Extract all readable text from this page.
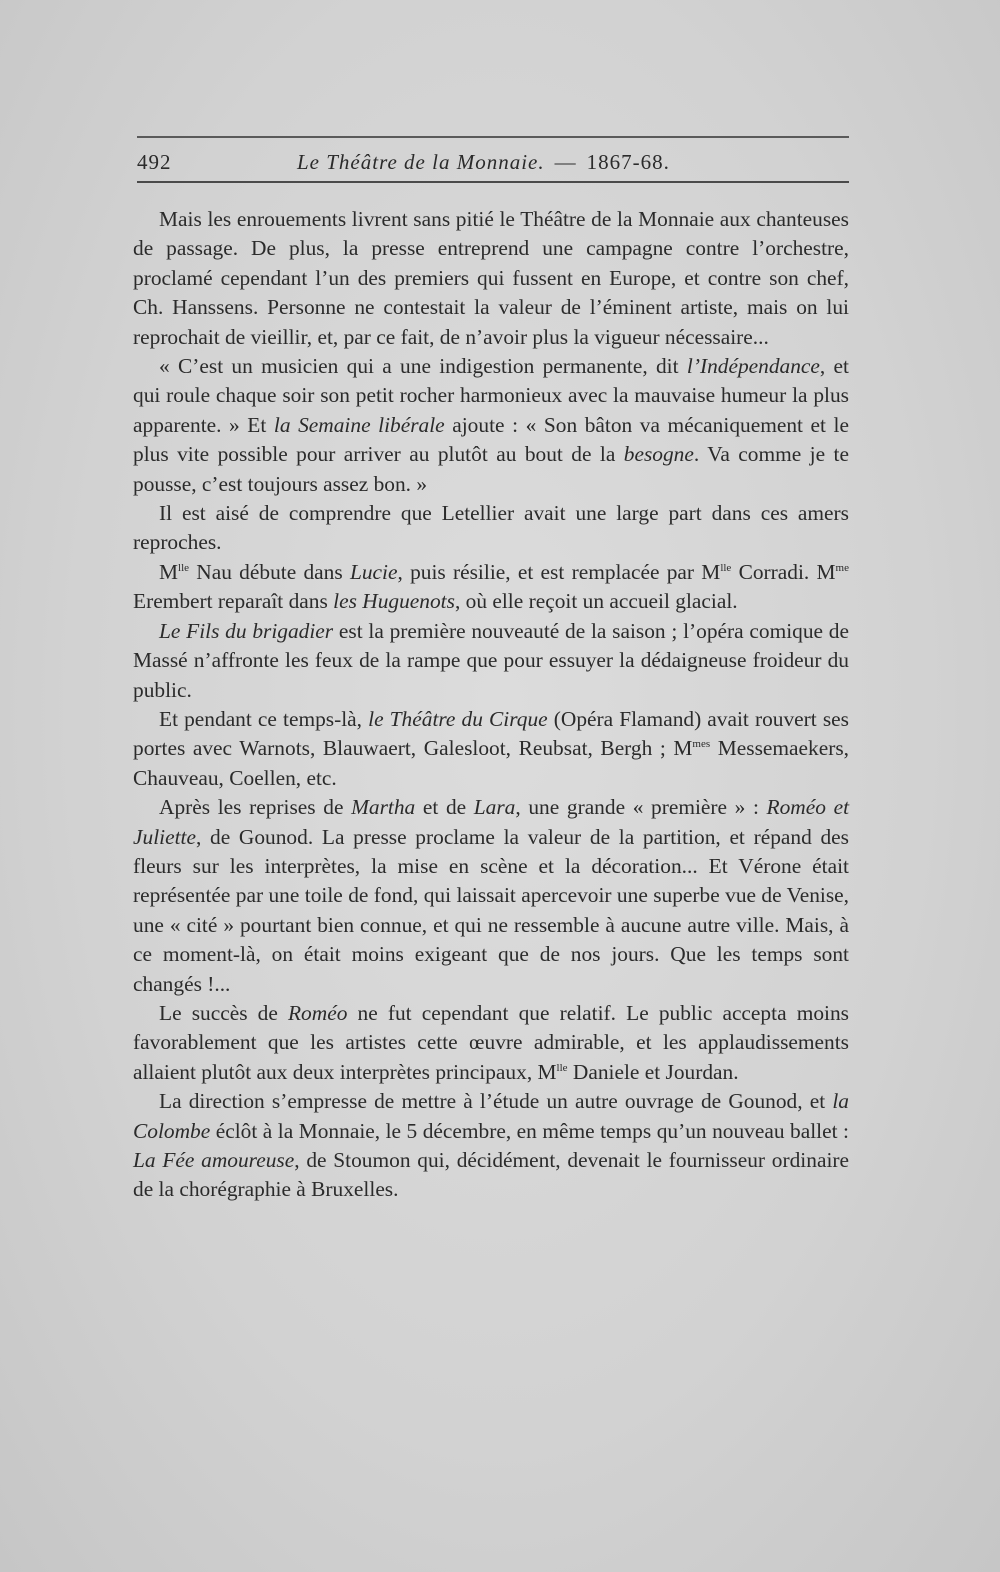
492	Le Théâtre de la Monnaie. — 1867-68.

Mais les enrouements livrent sans pitié le Théâtre de la Monnaie aux chanteuses de passage. De plus, la presse entreprend une campagne contre l’orchestre, proclamé cependant l’un des premiers qui fussent en Europe, et contre son chef, Ch. Hanssens. Personne ne contestait la valeur de l’éminent artiste, mais on lui reprochait de vieillir, et, par ce fait, de n’avoir plus la vigueur nécessaire...

« C’est un musicien qui a une indigestion permanente, dit l’Indépendance, et qui roule chaque soir son petit rocher harmonieux avec la mauvaise humeur la plus apparente. » Et la Semaine libérale ajoute : « Son bâton va mécaniquement et le plus vite possible pour arriver au plutôt au bout de la besogne. Va comme je te pousse, c’est toujours assez bon. »

Il est aisé de comprendre que Letellier avait une large part dans ces amers reproches.

$M^{lle}$ Nau débute dans Lucie, puis résilie, et est remplacée par $M^{lle}$ Corradi. $M^{me}$ Erembert reparaît dans les Huguenots, où elle reçoit un accueil glacial.

Le Fils du brigadier est la première nouveauté de la saison ; l’opéra comique de Massé n’affronte les feux de la rampe que pour essuyer la dédaigneuse froideur du public.

Et pendant ce temps-là, le Théâtre du Cirque (Opéra Flamand) avait rouvert ses portes avec Warnots, Blauwaert, Galesloot, Reubsat, Bergh ; $M^{mes}$ Messemaekers, Chauveau, Coellen, etc.

Après les reprises de Martha et de Lara, une grande « première » : Roméo et Juliette, de Gounod. La presse proclame la valeur de la partition, et répand des fleurs sur les interprètes, la mise en scène et la décoration... Et Vérone était représentée par une toile de fond, qui laissait apercevoir une superbe vue de Venise, une « cité » pourtant bien connue, et qui ne ressemble à aucune autre ville. Mais, à ce moment-là, on était moins exigeant que de nos jours. Que les temps sont changés !...

Le succès de Roméo ne fut cependant que relatif. Le public accepta moins favorablement que les artistes cette œuvre admirable, et les applaudissements allaient plutôt aux deux interprètes principaux, $M^{lle}$ Daniele et Jourdan.

La direction s’empresse de mettre à l’étude un autre ouvrage de Gounod, et la Colombe éclôt à la Monnaie, le 5 décembre, en même temps qu’un nouveau ballet : La Fée amoureuse, de Stoumon qui, décidément, devenait le fournisseur ordinaire de la chorégraphie à Bruxelles.
